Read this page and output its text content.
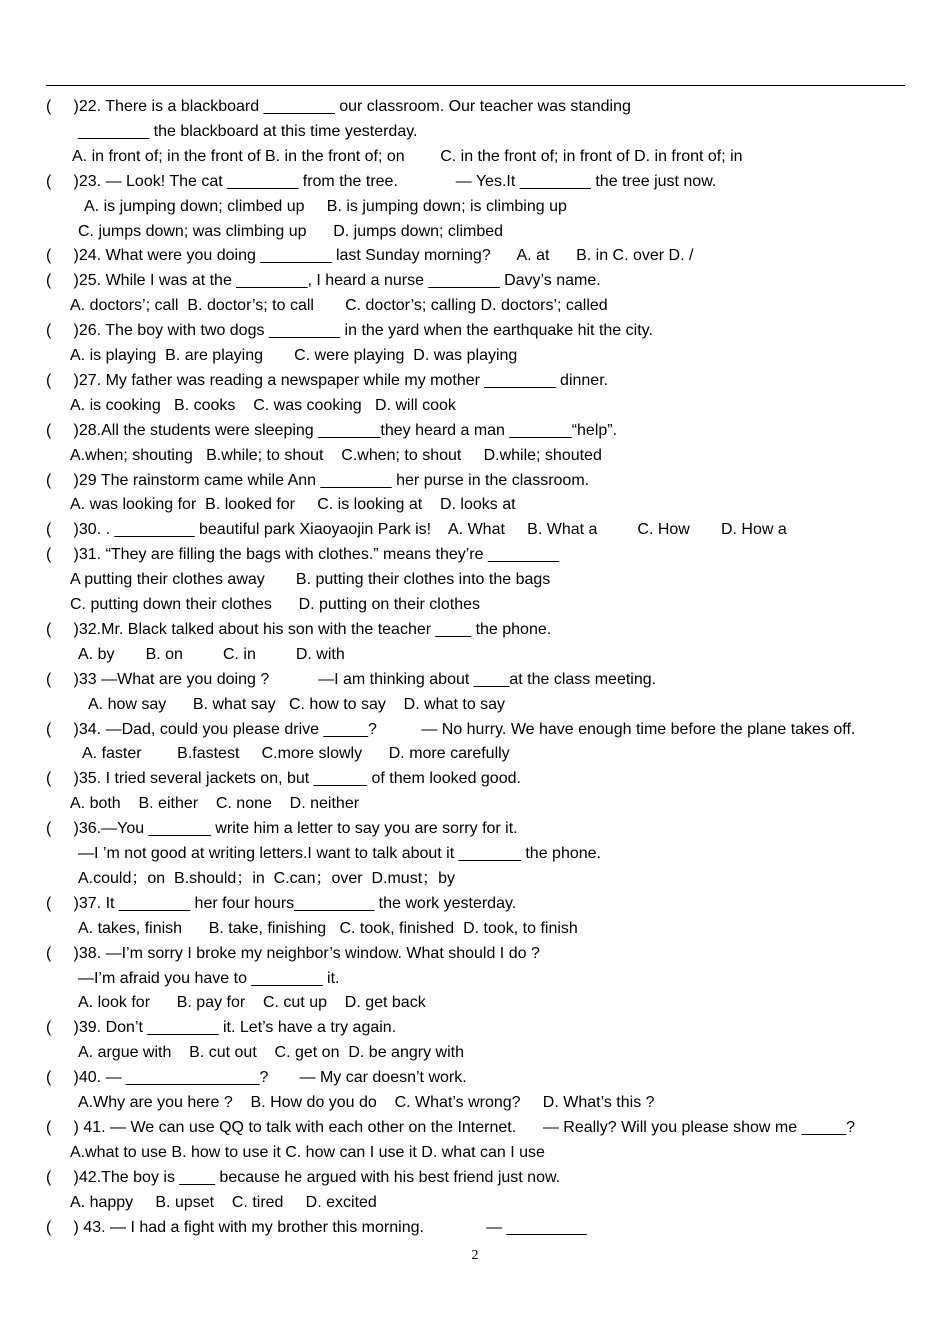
(     )22. There is a blackboard ________ our classroom. Our teacher was standing
________ the blackboard at this time yesterday.
A. in front of; in the front of B. in the front of; on        C. in the front of; in front of D. in front of; in
(     )23. — Look! The cat ________ from the tree.             — Yes.It ________ the tree just now.
A. is jumping down; climbed up     B. is jumping down; is climbing up
C. jumps down; was climbing up      D. jumps down; climbed
(     )24. What were you doing ________ last Sunday morning?      A. at      B. in C. over D. /
(     )25. While I was at the ________, I heard a nurse ________ Davy’s name.
A. doctors’; call  B. doctor’s; to call       C. doctor’s; calling D. doctors’; called
(     )26. The boy with two dogs ________ in the yard when the earthquake hit the city.
A. is playing  B. are playing       C. were playing  D. was playing
(     )27. My father was reading a newspaper while my mother ________ dinner.
A. is cooking   B. cooks    C. was cooking   D. will cook
(     )28.All the students were sleeping _______they heard a man _______“help”.
A.when; shouting   B.while; to shout    C.when; to shout     D.while; shouted
(     )29 The rainstorm came while Ann ________ her purse in the classroom.
A. was looking for  B. looked for     C. is looking at    D. looks at
(     )30. . _________ beautiful park Xiaoyaojin Park is!    A. What     B. What a         C. How       D. How a
(     )31. “They are filling the bags with clothes.” means they’re ________
A putting their clothes away       B. putting their clothes into the bags
C. putting down their clothes      D. putting on their clothes
(     )32.Mr. Black talked about his son with the teacher ____ the phone.
A. by       B. on         C. in         D. with
(     )33 —What are you doing ?           —I am thinking about ____at the class meeting.
A. how say      B. what say   C. how to say    D. what to say
(     )34. —Dad, could you please drive _____?          — No hurry. We have enough time before the plane takes off.
A. faster        B.fastest     C.more slowly      D. more carefully
(     )35. I tried several jackets on, but ______ of them looked good.
A. both    B. either    C. none    D. neither
(     )36.—You _______ write him a letter to say you are sorry for it.
—I ’m not good at writing letters.I want to talk about it _______ the phone.
A.could；on  B.should；in  C.can；over  D.must；by
(     )37. It ________ her four hours_________ the work yesterday.
A. takes, finish      B. take, finishing   C. took, finished  D. took, to finish
(     )38. —I’m sorry I broke my neighbor’s window. What should I do ?
—I’m afraid you have to ________ it.
A. look for      B. pay for    C. cut up    D. get back
(     )39. Don’t ________ it. Let’s have a try again.
A. argue with    B. cut out    C. get on  D. be angry with
(     )40. — _______________?       — My car doesn’t work.
A.Why are you here ?    B. How do you do    C. What’s wrong?     D. What’s this ?
(     ) 41. — We can use QQ to talk with each other on the Internet.      — Really? Will you please show me _____?
A.what to use B. how to use it C. how can I use it D. what can I use
(     )42.The boy is ____ because he argued with his best friend just now.
A. happy     B. upset    C. tired     D. excited
(     ) 43. — I had a fight with my brother this morning.              — _________
2
